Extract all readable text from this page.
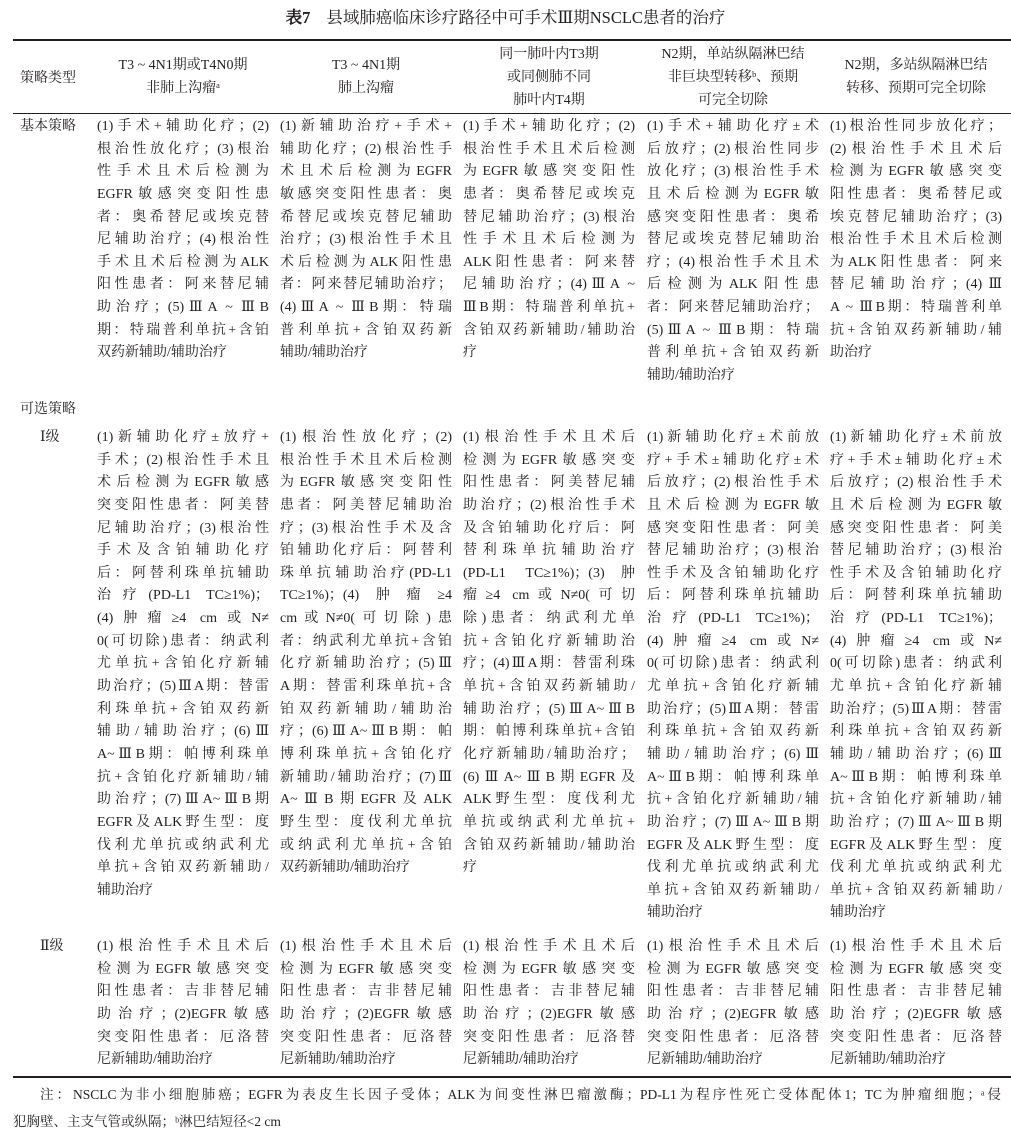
表7 县域肺癌临床诊疗路径中可手术Ⅲ期NSCLC患者的治疗
策略类型
T3 ~ 4N1期或T4N0期
非肺上沟瘤ᵃ
T3 ~ 4N1期
肺上沟瘤
同一肺叶内T3期
或同侧肺不同
肺叶内T4期
N2期，单站纵隔淋巴结
非巨块型转移ᵇ、预期
可完全切除
N2期，多站纵隔淋巴结
转移、预期可完全切除
基本策略 (1)手术+辅助化疗；(2)
根治性放化疗；(3)根治
性手术且术后检测为
EGFR敏感突变阳性患
者：奥希替尼或埃克替
尼辅助治疗；(4)根治性
手术且术后检测为ALK
阳性患者：阿来替尼辅
助治疗；(5)ⅢA ~ ⅢB
期：特瑞普利单抗+含铂
双药新辅助/辅助治疗
(1)新辅助治疗+手术+
辅助化疗；(2)根治性手
术且术后检测为EGFR
敏感突变阳性患者：奥
希替尼或埃克替尼辅助
治疗；(3)根治性手术且
术后检测为ALK阳性患
者：阿来替尼辅助治疗；
(4)ⅢA ~ ⅢB期：特瑞
普利单抗+含铂双药新
辅助/辅助治疗
(1)手术+辅助化疗；(2)
根治性手术且术后检测
为EGFR敏感突变阳性
患者：奥希替尼或埃克
替尼辅助治疗；(3)根治
性手术且术后检测为
ALK阳性患者：阿来替
尼辅助治疗；(4)ⅢA ~
ⅢB期：特瑞普利单抗+
含铂双药新辅助/辅助治
疗
(1)手术+辅助化疗±术
后放疗；(2)根治性同步
放化疗；(3)根治性手术
且术后检测为EGFR敏
感突变阳性患者：奥希
替尼或埃克替尼辅助治
疗；(4)根治性手术且术
后检测为ALK阳性患
者：阿来替尼辅助治疗；
(5)ⅢA ~ ⅢB期：特瑞
普利单抗+含铂双药新
辅助/辅助治疗
(1)根治性同步放化疗；
(2)根治性手术且术后
检测为EGFR敏感突变
阳性患者：奥希替尼或
埃克替尼辅助治疗；(3)
根治性手术且术后检测
为ALK阳性患者：阿来
替尼辅助治疗；(4)Ⅲ
A ~ ⅢB期：特瑞普利单
抗+含铂双药新辅助/辅
助治疗
可选策略
Ⅰ级	(1)新辅助化疗±放疗+
手术；(2)根治性手术且
术后检测为EGFR敏感
突变阳性患者：阿美替
尼辅助治疗；(3)根治性
手术及含铂辅助化疗
后：阿替利珠单抗辅助
治疗(PD-L1 TC≥1%)；
(4)肿瘤≥4 cm或N≠
0(可切除)患者：纳武利
尤单抗+含铂化疗新辅
助治疗；(5)ⅢA期：替雷
利珠单抗+含铂双药新
辅助/辅助治疗；(6)Ⅲ
A~ⅢB期：帕博利珠单
抗+含铂化疗新辅助/辅
助治疗；(7)ⅢA~ⅢB期
EGFR及ALK野生型：度
伐利尤单抗或纳武利尤
单抗+含铂双药新辅助/
辅助治疗
(1)根治性放化疗；(2)
根治性手术且术后检测
为EGFR敏感突变阳性
患者：阿美替尼辅助治
疗；(3)根治性手术及含
铂辅助化疗后：阿替利
珠单抗辅助治疗(PD-L1
TC≥1%)；(4)肿瘤≥4
cm或N≠0(可切除)患
者：纳武利尤单抗+含铂
化疗新辅助治疗；(5)Ⅲ
A期：替雷利珠单抗+含
铂双药新辅助/辅助治
疗；(6)ⅢA~ⅢB期：帕
博利珠单抗+含铂化疗
新辅助/辅助治疗；(7)Ⅲ
A~ⅢB期EGFR及ALK
野生型：度伐利尤单抗
或纳武利尤单抗+含铂
双药新辅助/辅助治疗
(1)根治性手术且术后
检测为EGFR敏感突变
阳性患者：阿美替尼辅
助治疗；(2)根治性手术
及含铂辅助化疗后：阿
替利珠单抗辅助治疗
(PD-L1 TC≥1%)；(3)肿
瘤≥4 cm或N≠0(可切
除)患者：纳武利尤单
抗+含铂化疗新辅助治
疗；(4)ⅢA期：替雷利珠
单抗+含铂双药新辅助/
辅助治疗；(5)ⅢA~ⅢB
期：帕博利珠单抗+含铂
化疗新辅助/辅助治疗；
(6)ⅢA~ⅢB期EGFR及
ALK野生型：度伐利尤
单抗或纳武利尤单抗+
含铂双药新辅助/辅助治
疗
(1)新辅助化疗±术前放
疗+手术±辅助化疗±术
后放疗；(2)根治性手术
且术后检测为EGFR敏
感突变阳性患者：阿美
替尼辅助治疗；(3)根治
性手术及含铂辅助化疗
后：阿替利珠单抗辅助
治疗(PD-L1 TC≥1%)；
(4)肿瘤≥4 cm或N≠
0(可切除)患者：纳武利
尤单抗+含铂化疗新辅
助治疗；(5)ⅢA期：替雷
利珠单抗+含铂双药新
辅助/辅助治疗；(6)Ⅲ
A~ⅢB期：帕博利珠单
抗+含铂化疗新辅助/辅
助治疗；(7)ⅢA~ⅢB期
EGFR及ALK野生型：度
伐利尤单抗或纳武利尤
单抗+含铂双药新辅助/
辅助治疗
(1)新辅助化疗±术前放
疗+手术±辅助化疗±术
后放疗；(2)根治性手术
且术后检测为EGFR敏
感突变阳性患者：阿美
替尼辅助治疗；(3)根治
性手术及含铂辅助化疗
后：阿替利珠单抗辅助
治疗(PD-L1 TC≥1%)；
(4)肿瘤≥4 cm或N≠
0(可切除)患者：纳武利
尤单抗+含铂化疗新辅
助治疗；(5)ⅢA期：替雷
利珠单抗+含铂双药新
辅助/辅助治疗；(6)Ⅲ
A~ⅢB期：帕博利珠单
抗+含铂化疗新辅助/辅
助治疗；(7)ⅢA~ⅢB期
EGFR及ALK野生型：度
伐利尤单抗或纳武利尤
单抗+含铂双药新辅助/
辅助治疗
Ⅱ级 (1)根治性手术且术后
检测为EGFR敏感突变
阳性患者：吉非替尼辅
助治疗；(2)EGFR敏感
突变阳性患者：厄洛替
尼新辅助/辅助治疗
(1)根治性手术且术后
检测为EGFR敏感突变
阳性患者：吉非替尼辅
助治疗；(2)EGFR敏感
突变阳性患者：厄洛替
尼新辅助/辅助治疗
(1)根治性手术且术后
检测为EGFR敏感突变
阳性患者：吉非替尼辅
助治疗；(2)EGFR敏感
突变阳性患者：厄洛替
尼新辅助/辅助治疗
(1)根治性手术且术后
检测为EGFR敏感突变
阳性患者：吉非替尼辅
助治疗；(2)EGFR敏感
突变阳性患者：厄洛替
尼新辅助/辅助治疗
(1)根治性手术且术后
检测为EGFR敏感突变
阳性患者：吉非替尼辅
助治疗；(2)EGFR敏感
突变阳性患者：厄洛替
尼新辅助/辅助治疗
注：NSCLC为非小细胞肺癌；EGFR为表皮生长因子受体；ALK为间变性淋巴瘤激酶；PD-L1为程序性死亡受体配体1；TC为肿瘤细胞；ᵃ侵
犯胸壁、主支气管或纵隔；ᵇ淋巴结短径<2 cm
